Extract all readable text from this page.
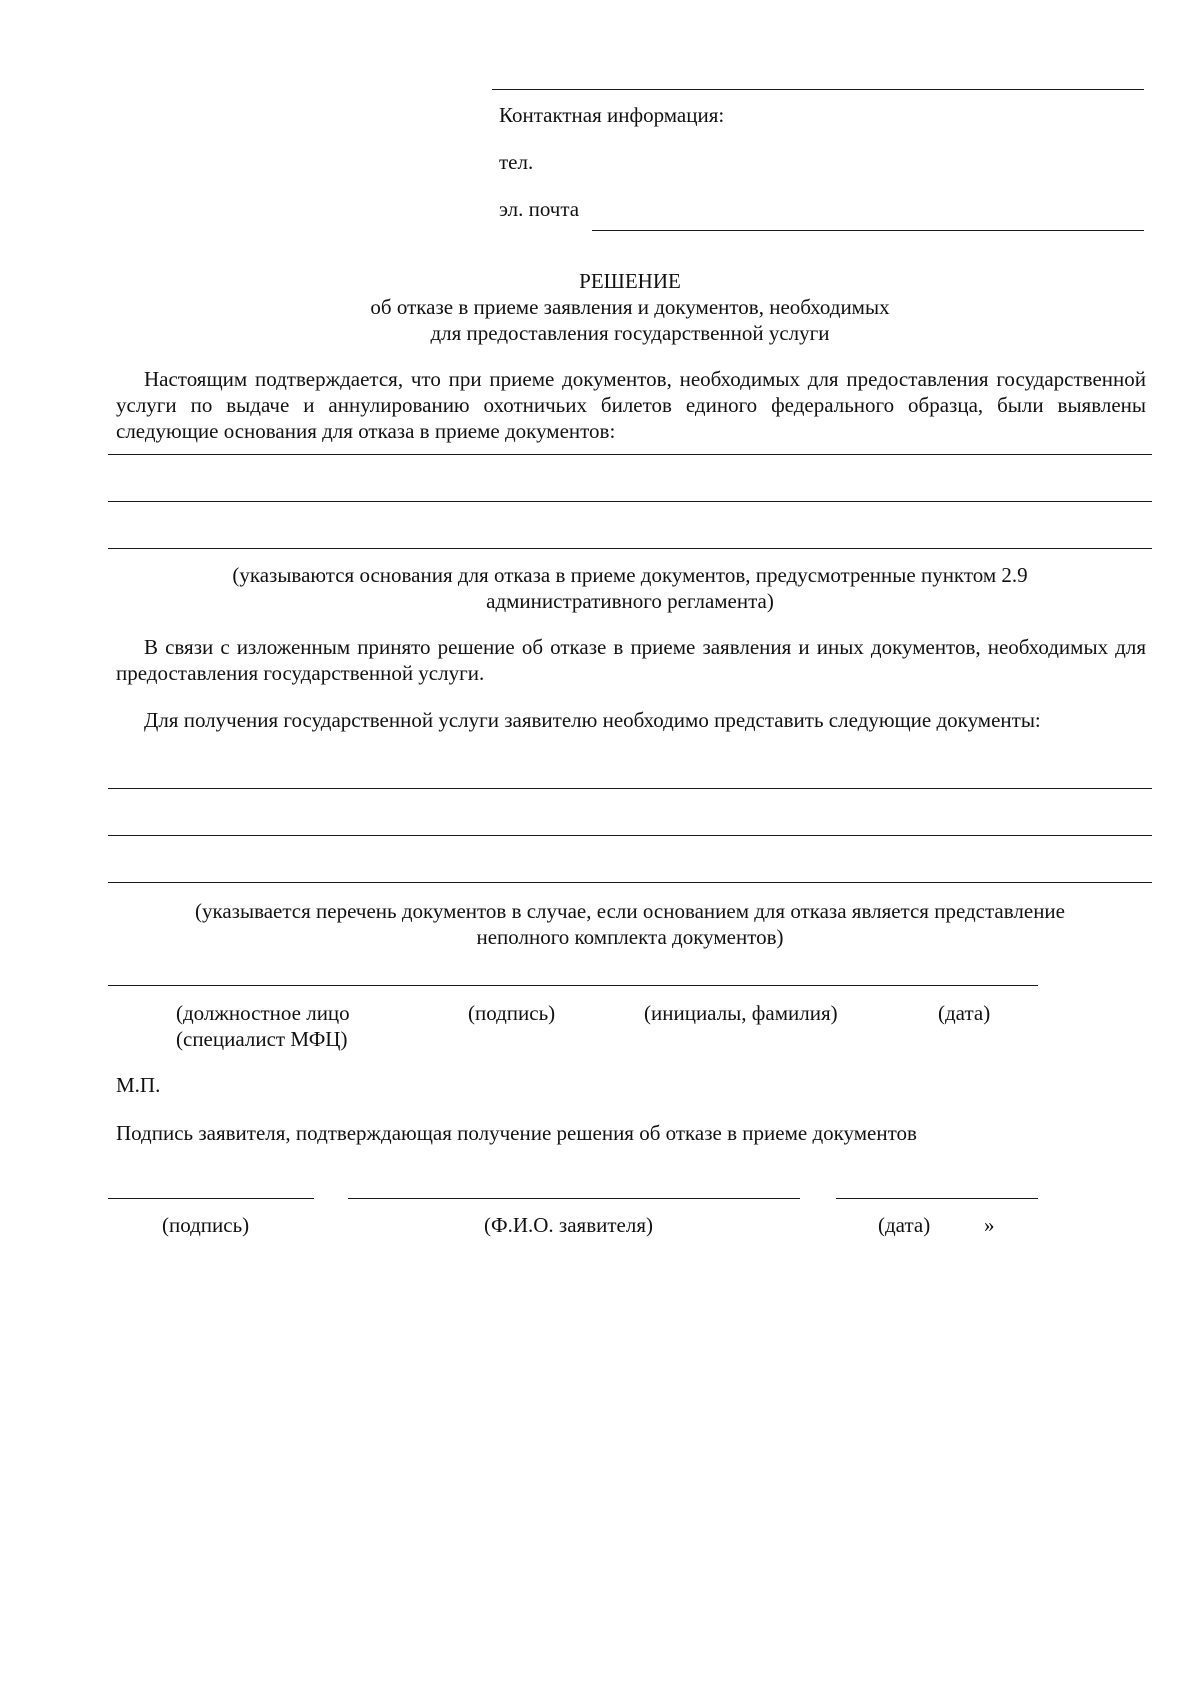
Контактная информация:
тел.
эл. почта
РЕШЕНИЕ
об отказе в приеме заявления и документов, необходимых
для предоставления государственной услуги
Настоящим подтверждается, что при приеме документов, необходимых для предоставления государственной услуги по выдаче и аннулированию охотничьих билетов единого федерального образца, были выявлены следующие основания для отказа в приеме документов:
(указываются основания для отказа в приеме документов, предусмотренные пунктом 2.9
административного регламента)
В связи с изложенным принято решение об отказе в приеме заявления и иных документов, необходимых для предоставления государственной услуги.
Для получения государственной услуги заявителю необходимо представить следующие документы:
(указывается перечень документов в случае, если основанием для отказа является представление
неполного комплекта документов)
(должностное лицо
(специалист МФЦ)
(подпись)	(инициалы, фамилия)	(дата)
М.П.
Подпись заявителя, подтверждающая получение решения об отказе в приеме документов
(подпись)	(Ф.И.О. заявителя)	(дата)	»
